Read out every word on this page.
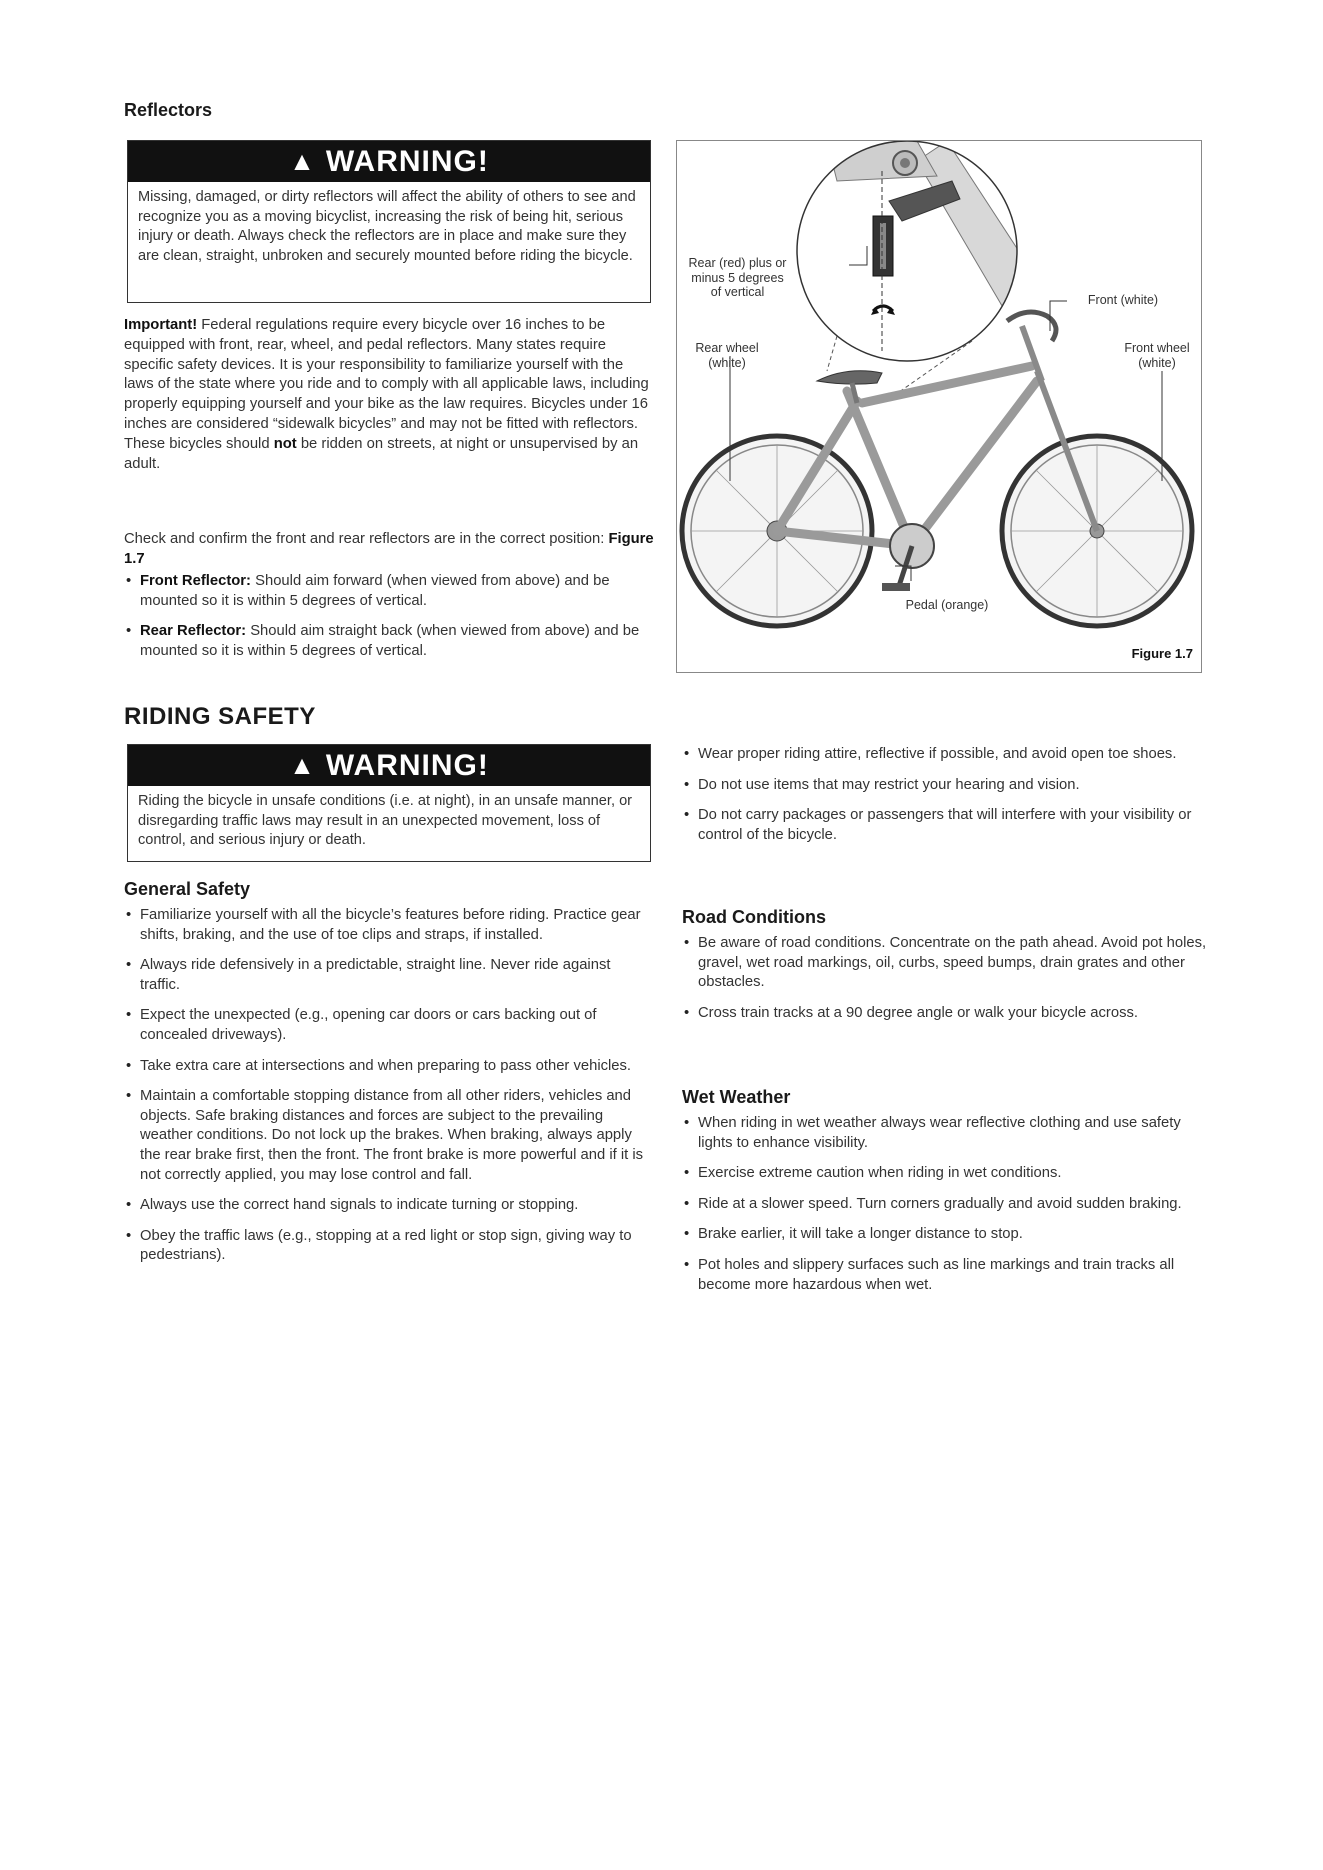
Reflectors
▲ WARNING!
Missing, damaged, or dirty reflectors will affect the ability of others to see and recognize you as a moving bicyclist, increasing the risk of being hit, serious injury or death. Always check the reflectors are in place and make sure they are clean, straight, unbroken and securely mounted before riding the bicycle.
Important! Federal regulations require every bicycle over 16 inches to be equipped with front, rear, wheel, and pedal reflectors. Many states require specific safety devices. It is your responsibility to familiarize yourself with the laws of the state where you ride and to comply with all applicable laws, including properly equipping yourself and your bike as the law requires. Bicycles under 16 inches are considered “sidewalk bicycles” and may not be fitted with reflectors. These bicycles should not be ridden on streets, at night or unsupervised by an adult.
Check and confirm the front and rear reflectors are in the correct position: Figure 1.7
• Front Reflector: Should aim forward (when viewed from above) and be mounted so it is within 5 degrees of vertical.
• Rear Reflector: Should aim straight back (when viewed from above) and be mounted so it is within 5 degrees of vertical.
Rear (red) plus or minus 5 degrees of vertical
Front (white)
Rear wheel (white)
Front wheel (white)
Pedal (orange)
Figure 1.7
RIDING SAFETY
▲ WARNING!
Riding the bicycle in unsafe conditions (i.e. at night), in an unsafe manner, or disregarding traffic laws may result in an unexpected movement, loss of control, and serious injury or death.
General Safety
• Familiarize yourself with all the bicycle’s features before riding. Practice gear shifts, braking, and the use of toe clips and straps, if installed.
• Always ride defensively in a predictable, straight line. Never ride against traffic.
• Expect the unexpected (e.g., opening car doors or cars backing out of concealed driveways).
• Take extra care at intersections and when preparing to pass other vehicles.
• Maintain a comfortable stopping distance from all other riders, vehicles and objects. Safe braking distances and forces are subject to the prevailing weather conditions. Do not lock up the brakes. When braking, always apply the rear brake first, then the front. The front brake is more powerful and if it is not correctly applied, you may lose control and fall.
• Always use the correct hand signals to indicate turning or stopping.
• Obey the traffic laws (e.g., stopping at a red light or stop sign, giving way to pedestrians).
• Wear proper riding attire, reflective if possible, and avoid open toe shoes.
• Do not use items that may restrict your hearing and vision.
• Do not carry packages or passengers that will interfere with your visibility or control of the bicycle.
Road Conditions
• Be aware of road conditions. Concentrate on the path ahead. Avoid pot holes, gravel, wet road markings, oil, curbs, speed bumps, drain grates and other obstacles.
• Cross train tracks at a 90 degree angle or walk your bicycle across.
Wet Weather
• When riding in wet weather always wear reflective clothing and use safety lights to enhance visibility.
• Exercise extreme caution when riding in wet conditions.
• Ride at a slower speed. Turn corners gradually and avoid sudden braking.
• Brake earlier, it will take a longer distance to stop.
• Pot holes and slippery surfaces such as line markings and train tracks all become more hazardous when wet.
